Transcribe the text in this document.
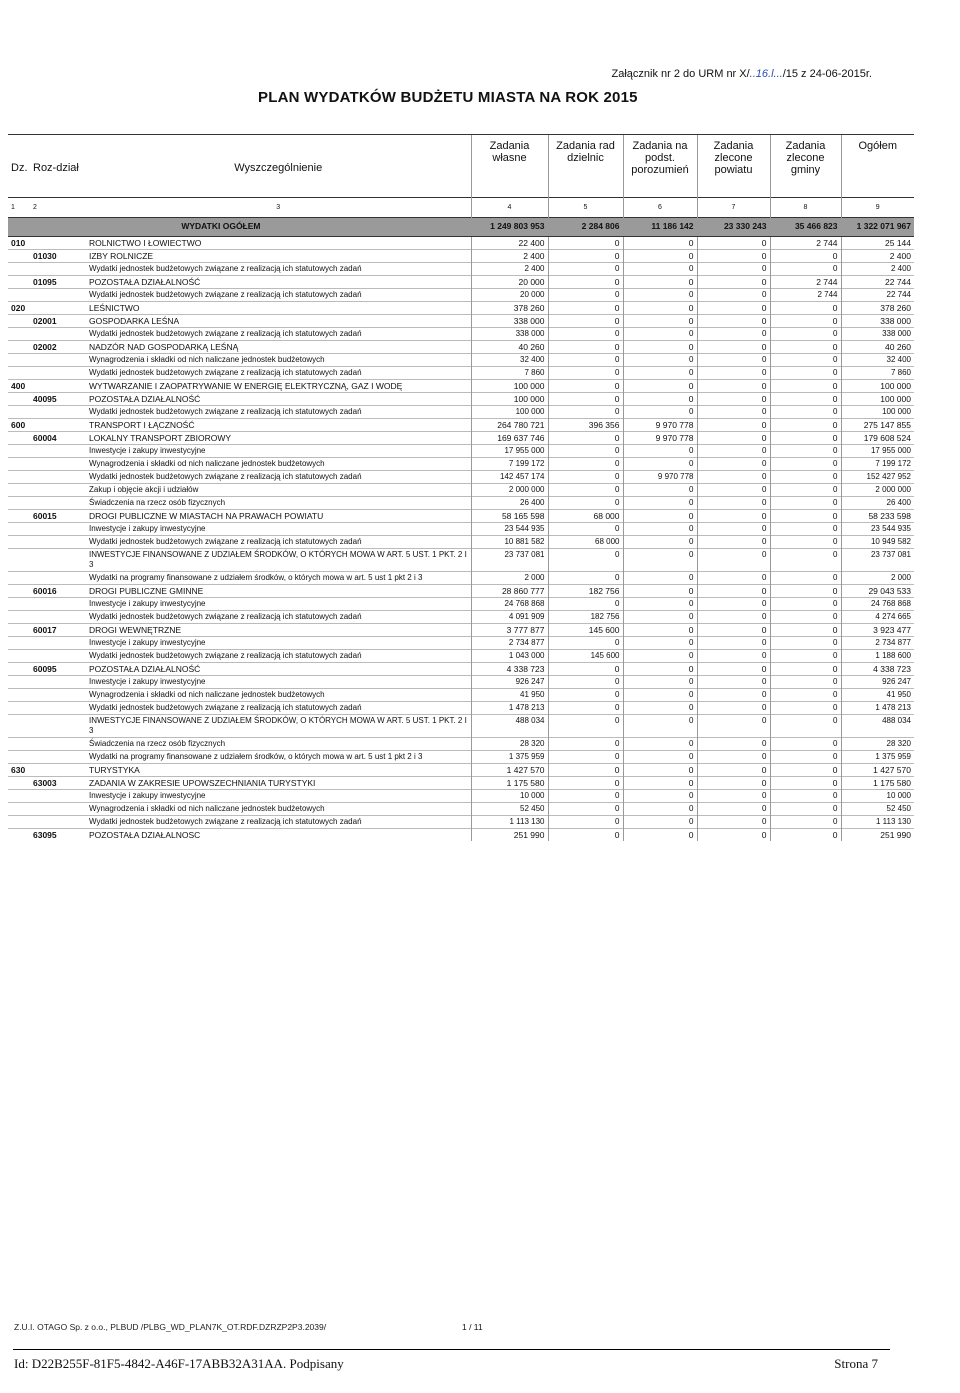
Załącznik nr 2 do URM nr X/..16.l.../15 z 24-06-2015r.
PLAN WYDATKÓW BUDŻETU MIASTA NA ROK 2015
Dz.	Roz-dział	Wyszczególnienie	Zadania własne	Zadania rad dzielnic	Zadania na podst. porozumień	Zadania zlecone powiatu	Zadania zlecone gminy	Ogółem
1	2	3	4	5	6	7	8	9
WYDATKI OGÓŁEM			1 249 803 953	2 284 806	11 186 142	23 330 243	35 466 823	1 322 071 967
010		ROLNICTWO I ŁOWIECTWO	22 400	0	0	0	2 744	25 144
	01030	IZBY ROLNICZE	2 400	0	0	0	0	2 400
		Wydatki jednostek budżetowych związane z realizacją ich statutowych zadań	2 400	0	0	0	0	2 400
	01095	POZOSTAŁA DZIAŁALNOŚĆ	20 000	0	0	0	2 744	22 744
		Wydatki jednostek budżetowych związane z realizacją ich statutowych zadań	20 000	0	0	0	2 744	22 744
020		LEŚNICTWO	378 260	0	0	0	0	378 260
	02001	GOSPODARKA LEŚNA	338 000	0	0	0	0	338 000
		Wydatki jednostek budżetowych związane z realizacją ich statutowych zadań	338 000	0	0	0	0	338 000
	02002	NADZÓR NAD GOSPODARKĄ LEŚNĄ	40 260	0	0	0	0	40 260
		Wynagrodzenia i składki od nich naliczane jednostek budżetowych	32 400	0	0	0	0	32 400
		Wydatki jednostek budżetowych związane z realizacją ich statutowych zadań	7 860	0	0	0	0	7 860
400		WYTWARZANIE I ZAOPATRYWANIE W ENERGIĘ ELEKTRYCZNĄ, GAZ I WODĘ	100 000	0	0	0	0	100 000
	40095	POZOSTAŁA DZIAŁALNOŚĆ	100 000	0	0	0	0	100 000
		Wydatki jednostek budżetowych związane z realizacją ich statutowych zadań	100 000	0	0	0	0	100 000
600		TRANSPORT I ŁĄCZNOŚĆ	264 780 721	396 356	9 970 778	0	0	275 147 855
	60004	LOKALNY TRANSPORT ZBIOROWY	169 637 746	0	9 970 778	0	0	179 608 524
		Inwestycje i zakupy inwestycyjne	17 955 000	0	0	0	0	17 955 000
		Wynagrodzenia i składki od nich naliczane jednostek budżetowych	7 199 172	0	0	0	0	7 199 172
		Wydatki jednostek budżetowych związane z realizacją ich statutowych zadań	142 457 174	0	9 970 778	0	0	152 427 952
		Zakup i objęcie akcji i udziałów	2 000 000	0	0	0	0	2 000 000
		Świadczenia na rzecz osób fizycznych	26 400	0	0	0	0	26 400
	60015	DROGI PUBLICZNE W MIASTACH NA PRAWACH POWIATU	58 165 598	68 000	0	0	0	58 233 598
		Inwestycje i zakupy inwestycyjne	23 544 935	0	0	0	0	23 544 935
		Wydatki jednostek budżetowych związane z realizacją ich statutowych zadań	10 881 582	68 000	0	0	0	10 949 582
		INWESTYCJE FINANSOWANE Z UDZIAŁEM ŚRODKÓW, O KTÓRYCH MOWA W ART. 5 UST. 1 PKT. 2 I 3	23 737 081	0	0	0	0	23 737 081
		Wydatki na programy finansowane z udziałem środków, o których mowa w art. 5 ust 1 pkt 2 i 3	2 000	0	0	0	0	2 000
	60016	DROGI PUBLICZNE GMINNE	28 860 777	182 756	0	0	0	29 043 533
		Inwestycje i zakupy inwestycyjne	24 768 868	0	0	0	0	24 768 868
		Wydatki jednostek budżetowych związane z realizacją ich statutowych zadań	4 091 909	182 756	0	0	0	4 274 665
	60017	DROGI WEWNĘTRZNE	3 777 877	145 600	0	0	0	3 923 477
		Inwestycje i zakupy inwestycyjne	2 734 877	0	0	0	0	2 734 877
		Wydatki jednostek budżetowych związane z realizacją ich statutowych zadań	1 043 000	145 600	0	0	0	1 188 600
	60095	POZOSTAŁA DZIAŁALNOŚĆ	4 338 723	0	0	0	0	4 338 723
		Inwestycje i zakupy inwestycyjne	926 247	0	0	0	0	926 247
		Wynagrodzenia i składki od nich naliczane jednostek budżetowych	41 950	0	0	0	0	41 950
		Wydatki jednostek budżetowych związane z realizacją ich statutowych zadań	1 478 213	0	0	0	0	1 478 213
		INWESTYCJE FINANSOWANE Z UDZIAŁEM ŚRODKÓW, O KTÓRYCH MOWA W ART. 5 UST. 1 PKT. 2 I 3	488 034	0	0	0	0	488 034
		Świadczenia na rzecz osób fizycznych	28 320	0	0	0	0	28 320
		Wydatki na programy finansowane z udziałem środków, o których mowa w art. 5 ust 1 pkt 2 i 3	1 375 959	0	0	0	0	1 375 959
630		TURYSTYKA	1 427 570	0	0	0	0	1 427 570
	63003	ZADANIA W ZAKRESIE UPOWSZECHNIANIA TURYSTYKI	1 175 580	0	0	0	0	1 175 580
		Inwestycje i zakupy inwestycyjne	10 000	0	0	0	0	10 000
		Wynagrodzenia i składki od nich naliczane jednostek budżetowych	52 450	0	0	0	0	52 450
		Wydatki jednostek budżetowych związane z realizacją ich statutowych zadań	1 113 130	0	0	0	0	1 113 130
	63095	POZOSTAŁA DZIAŁALNOSC	251 990	0	0	0	0	251 990
Z.U.I. OTAGO Sp. z o.o., PLBUD /PLBG_WD_PLAN7K_OT.RDF.DZRZP2P3.2039/	1 / 11
Id: D22B255F-81F5-4842-A46F-17ABB32A31AA. Podpisany	Strona 7
